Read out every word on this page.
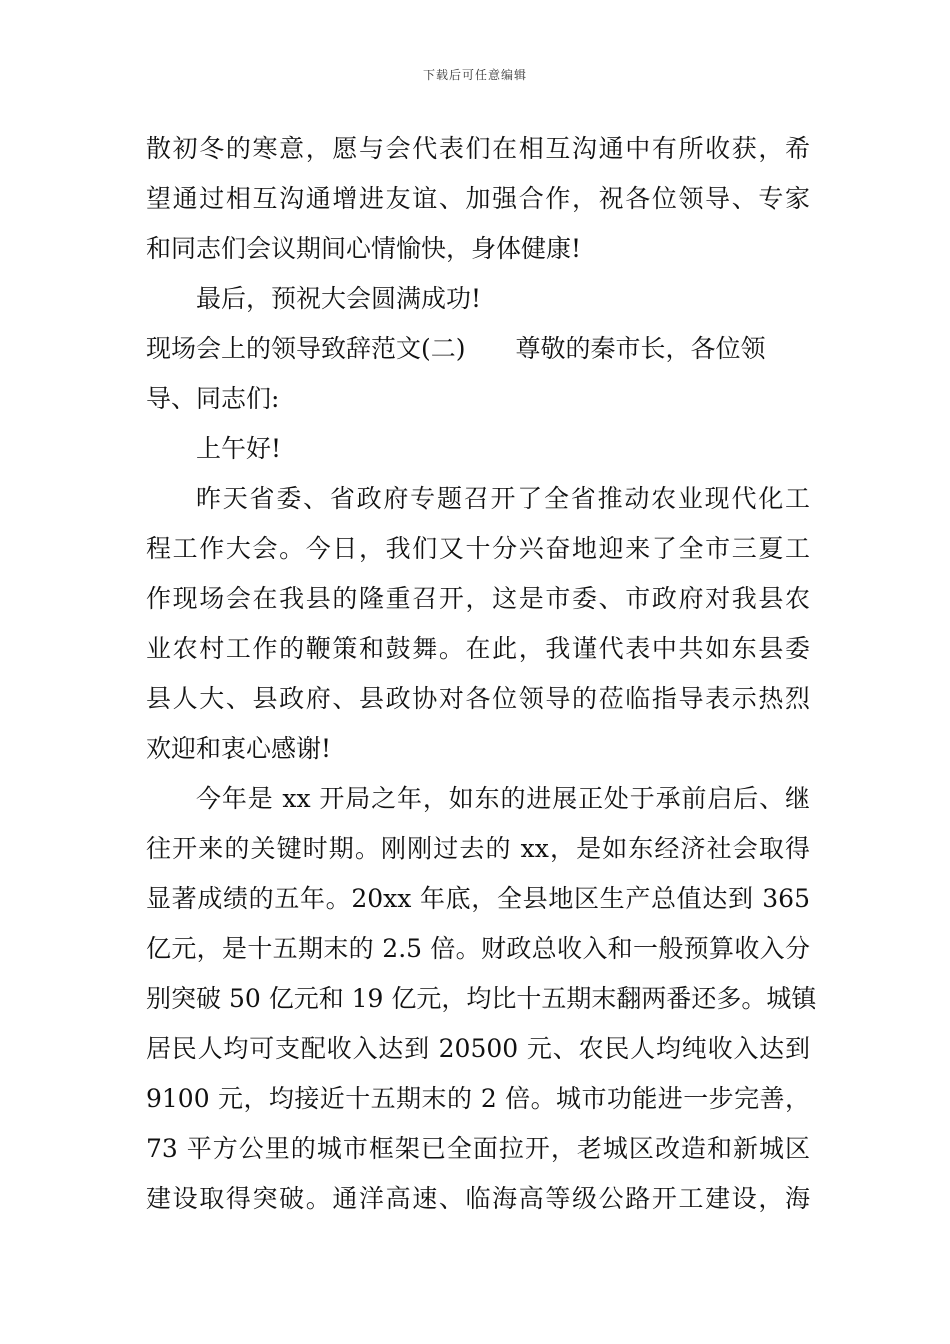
下载后可任意编辑
散初冬的寒意，愿与会代表们在相互沟通中有所收获，希
望通过相互沟通增进友谊、加强合作，祝各位领导、专家
和同志们会议期间心情愉快，身体健康!
最后，预祝大会圆满成功!
现场会上的领导致辞范文(二) 尊敬的秦市长，各位领
导、同志们:
上午好!
昨天省委、省政府专题召开了全省推动农业现代化工
程工作大会。今日，我们又十分兴奋地迎来了全市三夏工
作现场会在我县的隆重召开，这是市委、市政府对我县农
业农村工作的鞭策和鼓舞。在此，我谨代表中共如东县委
县人大、县政府、县政协对各位领导的莅临指导表示热烈
欢迎和衷心感谢!
今年是 xx 开局之年，如东的进展正处于承前启后、继
往开来的关键时期。刚刚过去的 xx，是如东经济社会取得
显著成绩的五年。20xx 年底，全县地区生产总值达到 365
亿元，是十五期末的 2.5 倍。财政总收入和一般预算收入分
别突破 50 亿元和 19 亿元，均比十五期末翻两番还多。城镇
居民人均可支配收入达到 20500 元、农民人均纯收入达到
9100 元，均接近十五期末的 2 倍。城市功能进一步完善，
73 平方公里的城市框架已全面拉开，老城区改造和新城区
建设取得突破。通洋高速、临海高等级公路开工建设，海
